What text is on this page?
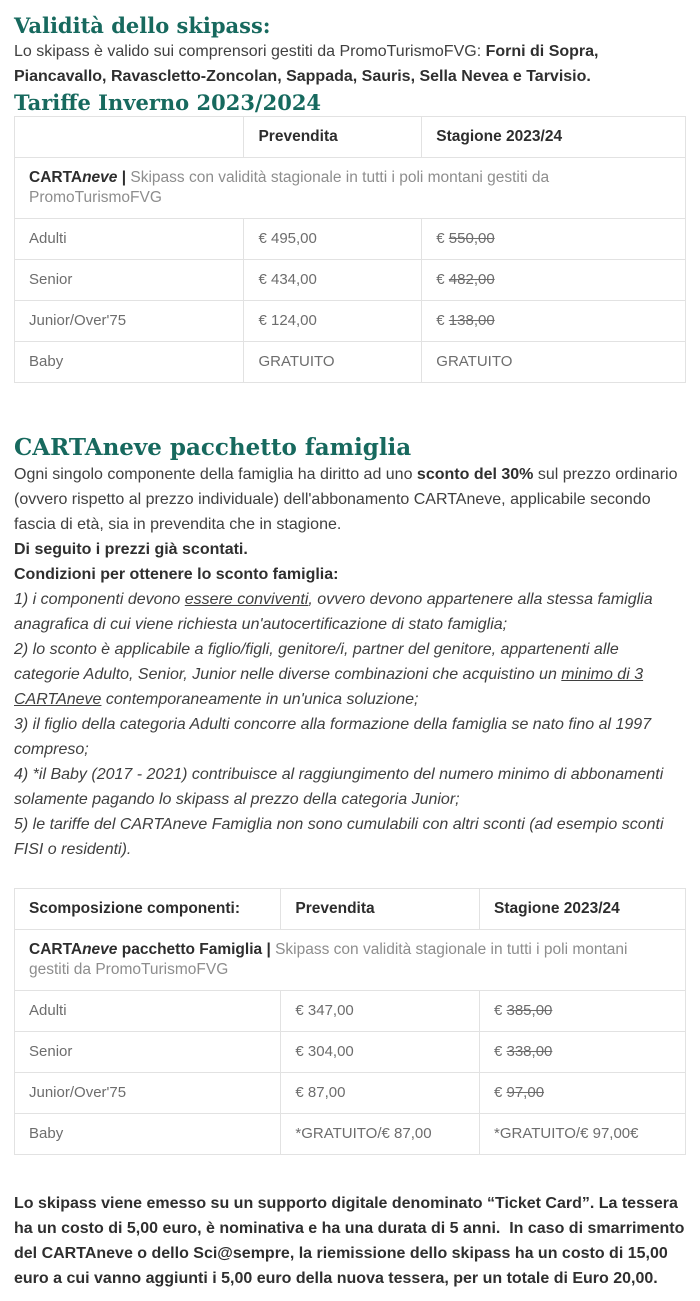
Validità dello skipass:

Lo skipass è valido sui comprensori gestiti da PromoTurismoFVG: Forni di Sopra, Piancavallo, Ravascletto-Zoncolan, Sappada, Sauris, Sella Nevea e Tarvisio.

Tariffe Inverno 2023/2024
CARTAneve | Skipass con validità stagionale in tutti i poli montani gestiti da PromoTurismoFVG		
	Prevendita	Stagione 2023/24
Adulti	€ 495,00	€ 550,00
Senior	€ 434,00	€ 482,00
Junior/Over'75	€ 124,00	€ 138,00
Baby	GRATUITO	GRATUITO
CARTAneve pacchetto famiglia

Ogni singolo componente della famiglia ha diritto ad uno sconto del 30% sul prezzo ordinario (ovvero rispetto al prezzo individuale) dell'abbonamento CARTAneve, applicabile secondo fascia di età, sia in prevendita che in stagione.
Di seguito i prezzi già scontati.

Condizioni per ottenere lo sconto famiglia:
1) i componenti devono essere conviventi, ovvero devono appartenere alla stessa famiglia anagrafica di cui viene richiesta un'autocertificazione di stato famiglia;
2) lo sconto è applicabile a figlio/figli, genitore/i, partner del genitore, appartenenti alle categorie Adulto, Senior, Junior nelle diverse combinazioni che acquistino un minimo di 3 CARTAneve contemporaneamente in un'unica soluzione;
3) il figlio della categoria Adulti concorre alla formazione della famiglia se nato fino al 1997 compreso;
4) *il Baby (2017 - 2021) contribuisce al raggiungimento del numero minimo di abbonamenti solamente pagando lo skipass al prezzo della categoria Junior;
5) le tariffe del CARTAneve Famiglia non sono cumulabili con altri sconti (ad esempio sconti FISI o residenti).
CARTAneve pacchetto Famiglia | Skipass con validità stagionale in tutti i poli montani gestiti da PromoTurismoFVG		
Scomposizione componenti:	Prevendita	Stagione 2023/24
Adulti	€ 347,00	€ 385,00
Senior	€ 304,00	€ 338,00
Junior/Over'75	€ 87,00	€ 97,00
Baby	*GRATUITO/€ 87,00	*GRATUITO/€ 97,00€

Lo skipass viene emesso su un supporto digitale denominato “Ticket Card”. La tessera ha un costo di 5,00 euro, è nominativa e ha una durata di 5 anni.  In caso di smarrimento del CARTAneve o dello Sci@sempre, la riemissione dello skipass ha un costo di 15,00 euro a cui vanno aggiunti i 5,00 euro della nuova tessera, per un totale di Euro 20,00.
